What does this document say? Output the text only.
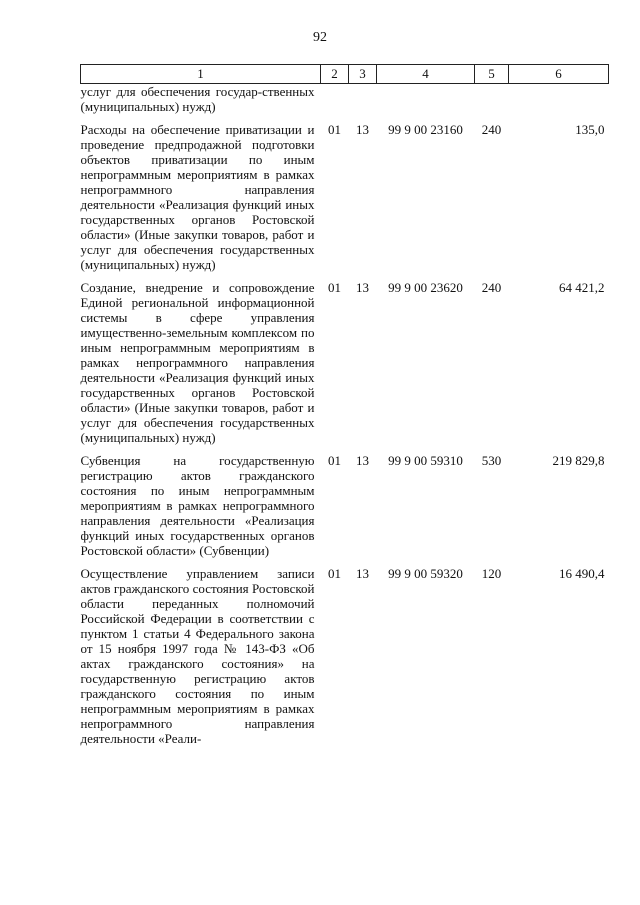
92
1	2	3	4	5	6
услуг для обеспечения государ-ственных (муниципальных) нужд)					
Расходы на обеспечение приватизации и проведение предпродажной подготовки объектов приватизации по иным непрограммным мероприятиям в рамках непрограммного направления деятельности «Реализация функций иных государственных органов Ростовской области» (Иные закупки товаров, работ и услуг для обеспечения государственных (муниципальных) нужд)	01	13	99 9 00 23160	240	135,0
Создание, внедрение и сопровождение Единой региональной информационной системы в сфере управления имущественно-земельным комплексом по иным непрограммным мероприятиям в рамках непрограммного направления деятельности «Реализация функций иных государственных органов Ростовской области» (Иные закупки товаров, работ и услуг для обеспечения государственных (муниципальных) нужд)	01	13	99 9 00 23620	240	64 421,2
Субвенция на государственную регистрацию актов гражданского состояния по иным непрограммным мероприятиям в рамках непрограммного направления деятельности «Реализация функций иных государственных органов Ростовской области» (Субвенции)	01	13	99 9 00 59310	530	219 829,8
Осуществление управлением записи актов гражданского состояния Ростовской области переданных полномочий Российской Федерации в соответствии с пунктом 1 статьи 4 Федерального закона от 15 ноября 1997 года № 143-ФЗ «Об актах гражданского состояния» на государственную регистрацию актов гражданского состояния по иным непрограммным мероприятиям в рамках непрограммного направления деятельности «Реали-	01	13	99 9 00 59320	120	16 490,4
